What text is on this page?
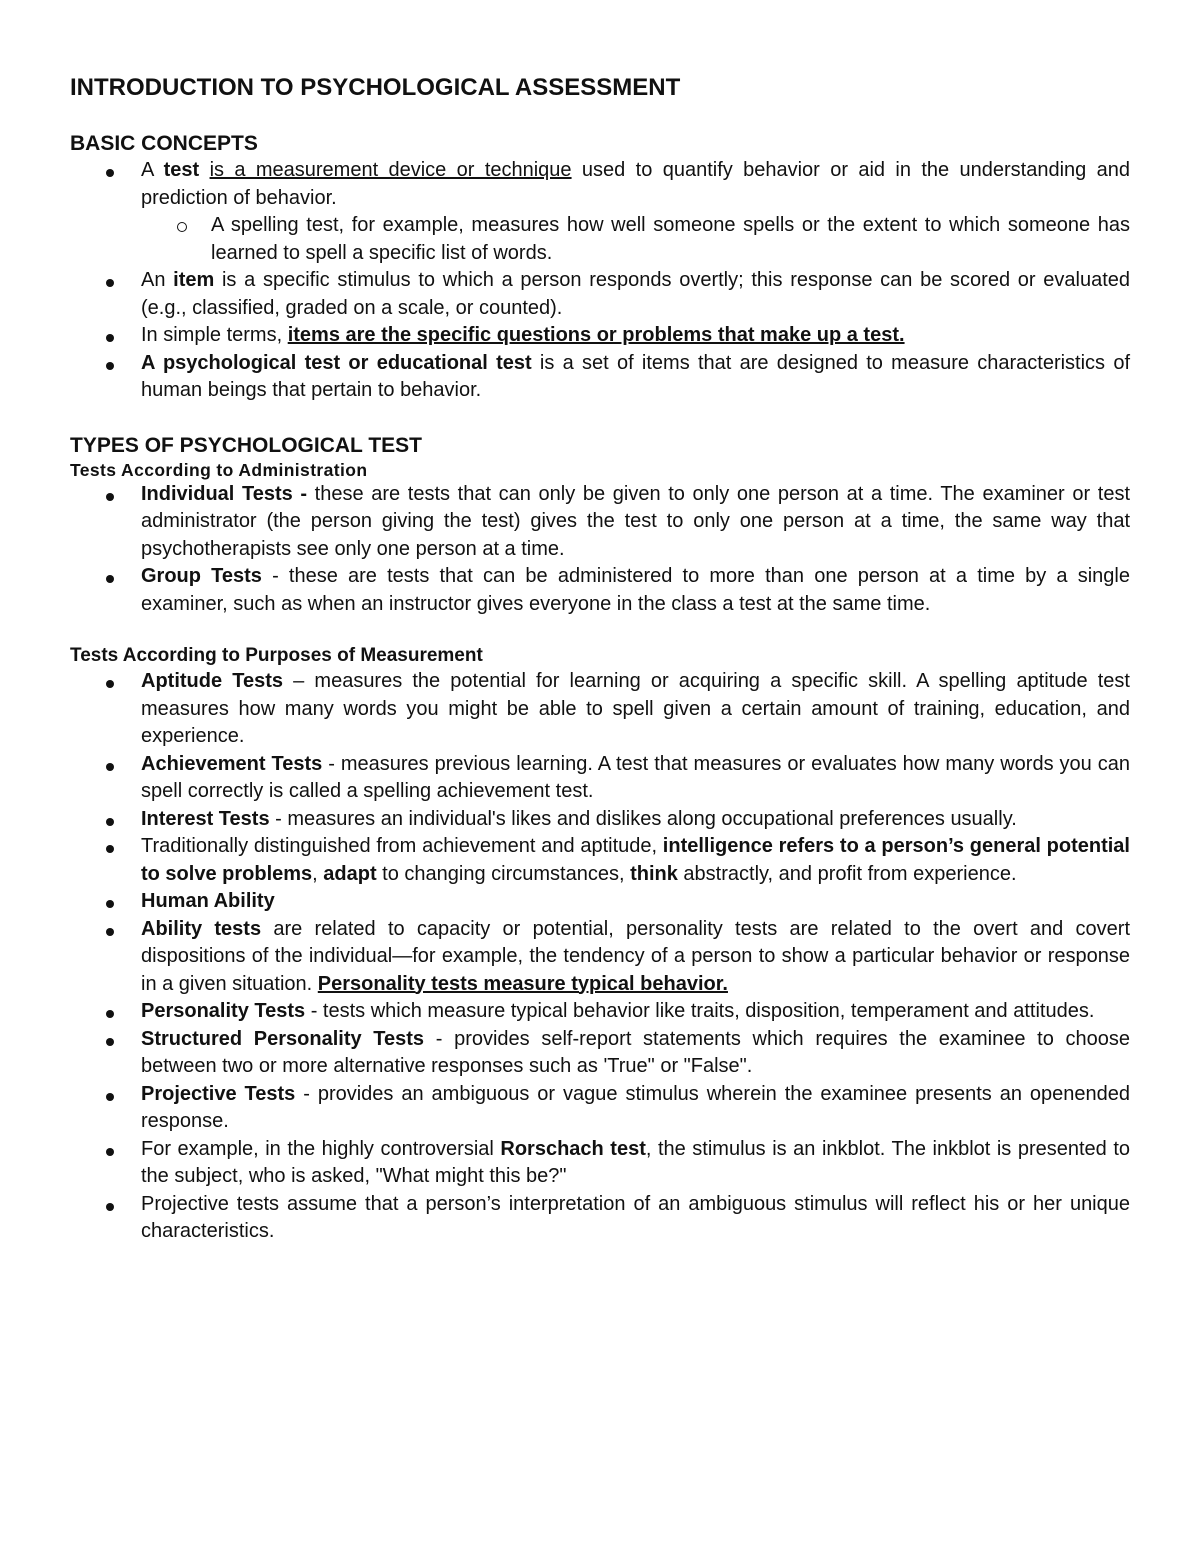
INTRODUCTION TO PSYCHOLOGICAL ASSESSMENT
BASIC CONCEPTS
A test is a measurement device or technique used to quantify behavior or aid in the understanding and prediction of behavior.
A spelling test, for example, measures how well someone spells or the extent to which someone has learned to spell a specific list of words.
An item is a specific stimulus to which a person responds overtly; this response can be scored or evaluated (e.g., classified, graded on a scale, or counted).
In simple terms, items are the specific questions or problems that make up a test.
A psychological test or educational test is a set of items that are designed to measure characteristics of human beings that pertain to behavior.
TYPES OF PSYCHOLOGICAL TEST
Tests According to Administration
Individual Tests - these are tests that can only be given to only one person at a time. The examiner or test administrator (the person giving the test) gives the test to only one person at a time, the same way that psychotherapists see only one person at a time.
Group Tests - these are tests that can be administered to more than one person at a time by a single examiner, such as when an instructor gives everyone in the class a test at the same time.
Tests According to Purposes of Measurement
Aptitude Tests – measures the potential for learning or acquiring a specific skill. A spelling aptitude test measures how many words you might be able to spell given a certain amount of training, education, and experience.
Achievement Tests - measures previous learning. A test that measures or evaluates how many words you can spell correctly is called a spelling achievement test.
Interest Tests - measures an individual's likes and dislikes along occupational preferences usually.
Traditionally distinguished from achievement and aptitude, intelligence refers to a person’s general potential to solve problems, adapt to changing circumstances, think abstractly, and profit from experience.
Human Ability
Ability tests are related to capacity or potential, personality tests are related to the overt and covert dispositions of the individual—for example, the tendency of a person to show a particular behavior or response in a given situation. Personality tests measure typical behavior.
Personality Tests - tests which measure typical behavior like traits, disposition, temperament and attitudes.
Structured Personality Tests - provides self-report statements which requires the examinee to choose between two or more alternative responses such as 'True" or "False".
Projective Tests - provides an ambiguous or vague stimulus wherein the examinee presents an openended response.
For example, in the highly controversial Rorschach test, the stimulus is an inkblot. The inkblot is presented to the subject, who is asked, "What might this be?"
Projective tests assume that a person’s interpretation of an ambiguous stimulus will reflect his or her unique characteristics.
